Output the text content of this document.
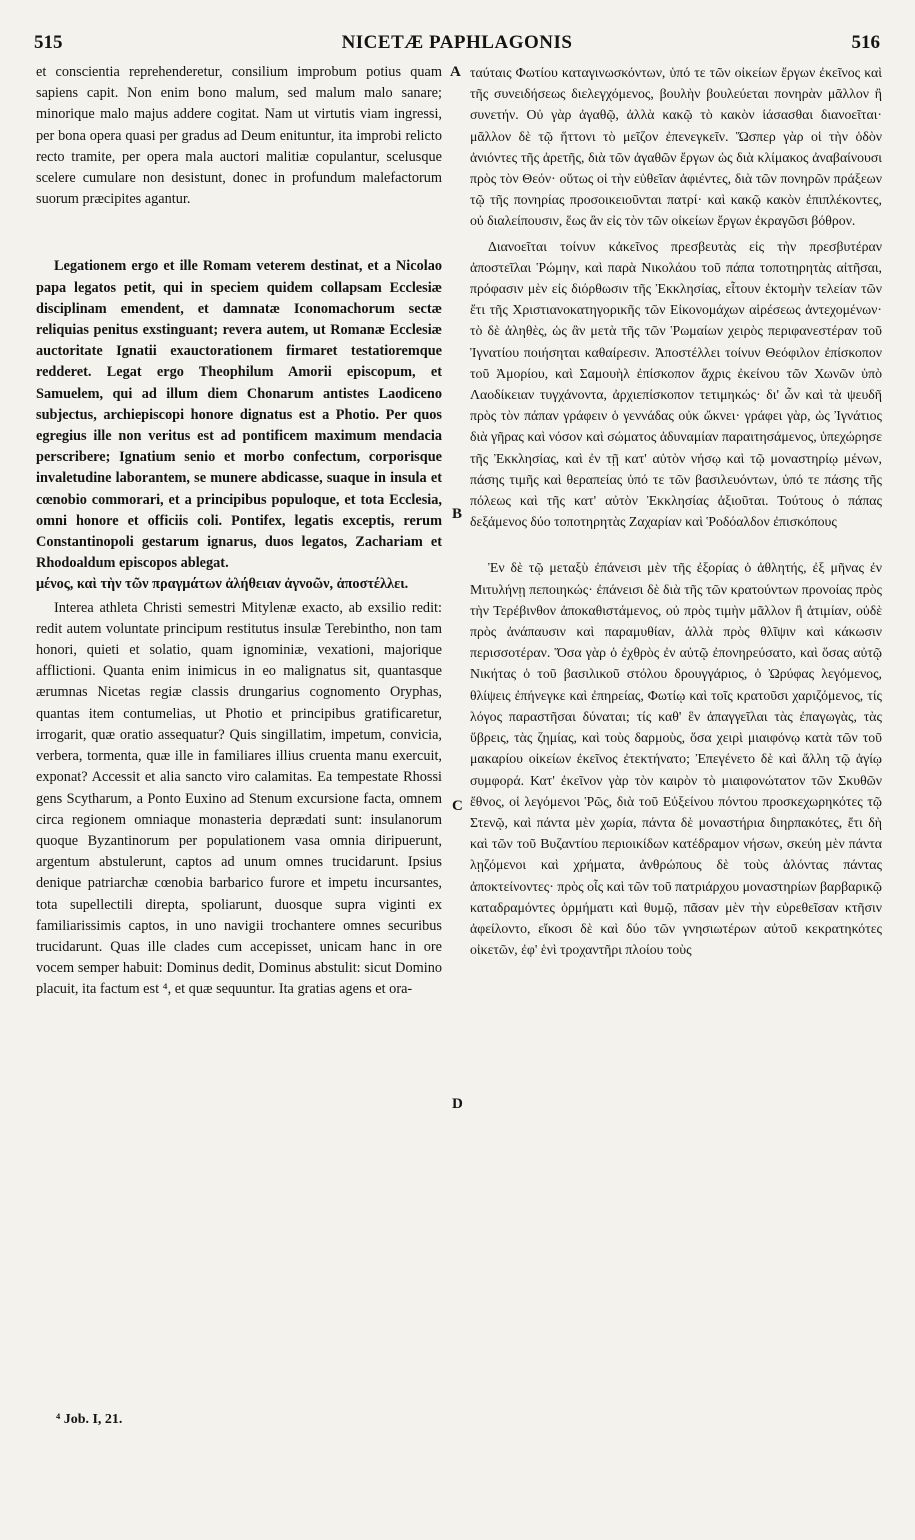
515	NICETÆ PAPHLAGONIS	516

et conscientia reprehenderetur, consilium improbum potius quam sapiens capit. Non enim bono malum, sed malum malo sanare; minorique malo majus addere cogitat. Nam ut virtutis viam ingressi, per bona opera quasi per gradus ad Deum enituntur, ita improbi relicto recto tramite, per opera mala auctori malitiæ copulantur, scelusque scelere cumulare non desistunt, donec in profundum malefactorum suorum præcipites agantur.

Legationem ergo et ille Romam veterem destinat, et a Nicolao papa legatos petit, qui in speciem quidem collapsam Ecclesiæ disciplinam emendent, et damnatæ Iconomachorum sectæ reliquias penitus exstinguant; revera autem, ut Romanæ Ecclesiæ auctoritate Ignatii exauctorationem firmaret testatioremque redderet. Legat ergo Theophilum Amorii episcopum, et Samuelem, qui ad illum diem Chonarum antistes Laodiceno subjectus, archiepiscopi honore dignatus est a Photio. Per quos egregius ille non veritus est ad pontificem maximum mendacia perscribere; Ignatium senio et morbo confectum, corporisque invaletudine laborantem, se munere abdicasse, suaque in insula et cœnobio commorari, et a principibus populoque, et tota Ecclesia, omni honore et officiis coli. Pontifex, legatis exceptis, rerum Constantinopoli gestarum ignarus, duos legatos, Zachariam et Rhodoaldum episcopos ablegat.

μένος, καὶ τὴν τῶν πραγμάτων ἀλήθειαν ἀγνοῶν, ἀποστέλλει.

Interea athleta Christi semestri Mitylenæ exacto, ab exsilio redit: redit autem voluntate principum restitutus insulæ Terebintho, non tam honori, quieti et solatio, quam ignominiæ, vexationi, majorique afflictioni. Quanta enim inimicus in eo malignatus sit, quantasque ærumnas Nicetas regiæ classis drungarius cognomento Oryphas, quantas item contumelias, ut Photio et principibus gratificaretur, irrogarit, quæ oratio assequatur? Quis singillatim, impetum, convicia, verbera, tormenta, quæ ille in familiares illius cruenta manu exercuit, exponat? Accessit et alia sancto viro calamitas. Ea tempestate Rhossi gens Scytharum, a Ponto Euxino ad Stenum excursione facta, omnem circa regionem omniaque monasteria deprædati sunt: insulanorum quoque Byzantinorum per populationem vasa omnia diripuerunt, argentum abstulerunt, captos ad unum omnes trucidarunt. Ipsius denique patriarchæ cœnobia barbarico furore et impetu incursantes, tota supellectili direpta, spoliarunt, duosque supra viginti ex familiarissimis captos, in uno navigii trochantere omnes securibus trucidarunt. Quas ille clades cum accepisset, unicam hanc in ore vocem semper habuit: Dominus dedit, Dominus abstulit: sicut Domino placuit, ita factum est ⁴, et quæ sequuntur. Ita gratias agens et ora-

ταύταις Φωτίου καταγινωσκόντων, ὑπό τε τῶν οἰκείων ἔργων ἐκεῖνος καὶ τῆς συνειδήσεως διελεγχόμενος, βουλὴν βουλεύεται πονηρὰν μᾶλλον ἢ συνετήν. Οὐ γὰρ ἀγαθῷ, ἀλλὰ κακῷ τὸ κακὸν ἰάσασθαι διανοεῖται· μᾶλλον δὲ τῷ ἥττονι τὸ μεῖζον ἐπενεγκεῖν. Ὥσπερ γὰρ οἱ τὴν ὁδὸν ἀνιόντες τῆς ἀρετῆς, διὰ τῶν ἀγαθῶν ἔργων ὡς διὰ κλίμακος ἀναβαίνουσι πρὸς τὸν Θεόν· οὕτως οἱ τὴν εὐθεῖαν ἀφιέντες, διὰ τῶν πονηρῶν πράξεων τῷ τῆς πονηρίας προσοικειοῦνται πατρί· καὶ κακῷ κακὸν ἐπιπλέκοντες, οὐ διαλείπουσιν, ἕως ἂν εἰς τὸν τῶν οἰκείων ἔργων ἐκραγῶσι βόθρον.

Διανοεῖται τοίνυν κἀκεῖνος πρεσβευτὰς εἰς τὴν πρεσβυτέραν ἀποστεῖλαι Ῥώμην, καὶ παρὰ Νικολάου τοῦ πάπα τοποτηρητὰς αἰτῆσαι, πρόφασιν μὲν εἰς διόρθωσιν τῆς Ἐκκλησίας, εἶτουν ἐκτομὴν τελείαν τῶν ἔτι τῆς Χριστιανοκατηγορικῆς τῶν Εἰκονομάχων αἱρέσεως ἀντεχομένων· τὸ δὲ ἀληθὲς, ὡς ἂν μετὰ τῆς τῶν Ῥωμαίων χειρὸς περιφανεστέραν τοῦ Ἰγνατίου ποιήσηται καθαίρεσιν. Ἀποστέλλει τοίνυν Θεόφιλον ἐπίσκοπον τοῦ Ἀμορίου, καὶ Σαμουὴλ ἐπίσκοπον ἄχρις ἐκείνου τῶν Χωνῶν ὑπὸ Λαοδίκειαν τυγχάνοντα, ἀρχιεπίσκοπον τετιμηκώς· δι' ὧν καὶ τὰ ψευδῆ πρὸς τὸν πάπαν γράφειν ὁ γεννάδας οὐκ ὤκνει· γράφει γὰρ, ὡς Ἰγνάτιος διὰ γῆρας καὶ νόσον καὶ σώματος ἀδυναμίαν παραιτησάμενος, ὑπεχώρησε τῆς Ἐκκλησίας, καὶ ἐν τῇ κατ' αὐτὸν νήσῳ καὶ τῷ μοναστηρίῳ μένων, πάσης τιμῆς καὶ θεραπείας ὑπό τε τῶν βασιλευόντων, ὑπό τε πάσης τῆς πόλεως καὶ τῆς κατ' αὐτὸν Ἐκκλησίας ἀξιοῦται. Τούτους ὁ πάπας δεξάμενος δύο τοποτηρητὰς Ζαχαρίαν καὶ Ῥοδόαλδον ἐπισκόπους

Ἐν δὲ τῷ μεταξὺ ἐπάνεισι μὲν τῆς ἐξορίας ὁ ἀθλητής, ἐξ μῆνας ἐν Μιτυλήνῃ πεποιηκώς· ἐπάνεισι δὲ διὰ τῆς τῶν κρατούντων προνοίας πρὸς τὴν Τερέβινθον ἀποκαθιστάμενος, οὐ πρὸς τιμὴν μᾶλλον ἢ ἀτιμίαν, οὐδὲ πρὸς ἀνάπαυσιν καὶ παραμυθίαν, ἀλλὰ πρὸς θλῖψιν καὶ κάκωσιν περισσοτέραν. Ὅσα γὰρ ὁ ἐχθρὸς ἐν αὐτῷ ἐπονηρεύσατο, καὶ ὅσας αὐτῷ Νικήτας ὁ τοῦ βασιλικοῦ στόλου δρουγγάριος, ὁ Ὠρύφας λεγόμενος, θλίψεις ἐπήνεγκε καὶ ἐπηρείας, Φωτίῳ καὶ τοῖς κρατοῦσι χαριζόμενος, τίς λόγος παραστῆσαι δύναται; τίς καθ' ἓν ἀπαγγεῖλαι τὰς ἐπαγωγὰς, τὰς ὕβρεις, τὰς ζημίας, καὶ τοὺς δαρμοὺς, ὅσα χειρὶ μιαιφόνῳ κατὰ τῶν τοῦ μακαρίου οἰκείων ἐκεῖνος ἐτεκτήνατο; Ἐπεγένετο δὲ καὶ ἄλλη τῷ ἁγίῳ συμφορά. Κατ' ἐκεῖνον γὰρ τὸν καιρὸν τὸ μιαιφονώτατον τῶν Σκυθῶν ἔθνος, οἱ λεγόμενοι Ῥῶς, διὰ τοῦ Εὐξείνου πόντου προσκεχωρηκότες τῷ Στενῷ, καὶ πάντα μὲν χωρία, πάντα δὲ μοναστήρια διηρπακότες, ἔτι δὴ καὶ τῶν τοῦ Βυζαντίου περιοικίδων κατέδραμον νήσων, σκεύη μὲν πάντα λῃζόμενοι καὶ χρήματα, ἀνθρώπους δὲ τοὺς ἁλόντας πάντας ἀποκτείνοντες· πρὸς οἷς καὶ τῶν τοῦ πατριάρχου μοναστηρίων βαρβαρικῷ καταδραμόντες ὁρμήματι καὶ θυμῷ, πᾶσαν μὲν τὴν εὑρεθεῖσαν κτῆσιν ἀφείλοντο, εἴκοσι δὲ καὶ δύο τῶν γνησιωτέρων αὐτοῦ κεκρατηκότες οἰκετῶν, ἐφ' ἑνὶ τροχαντῆρι πλοίου τοὺς

A
B
C
D
⁴ Job. I, 21.
